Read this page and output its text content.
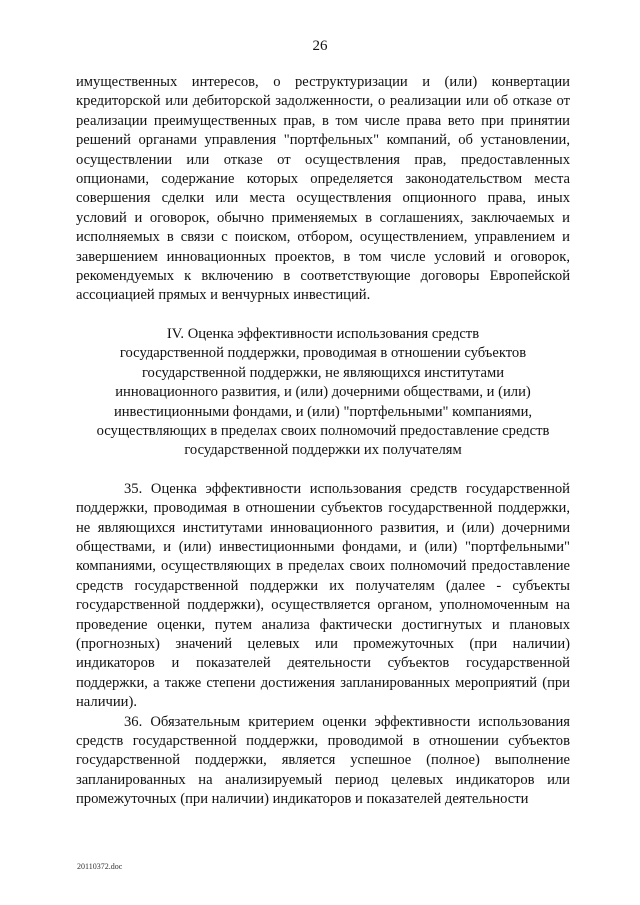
26

имущественных интересов, о реструктуризации и (или) конвертации кредиторской или дебиторской задолженности, о реализации или об отказе от реализации преимущественных прав, в том числе права вето при принятии решений органами управления "портфельных" компаний, об установлении, осуществлении или отказе от осуществления прав, предоставленных опционами, содержание которых определяется законодательством места совершения сделки или места осуществления опционного права, иных условий и оговорок, обычно применяемых в соглашениях, заключаемых и исполняемых в связи с поиском, отбором, осуществлением, управлением и завершением инновационных проектов, в том числе условий и оговорок, рекомендуемых к включению в соответствующие договоры Европейской ассоциацией прямых и венчурных инвестиций.

IV. Оценка эффективности использования средств
государственной поддержки, проводимая в отношении субъектов
государственной поддержки, не являющихся институтами
инновационного развития, и (или) дочерними обществами, и (или)
инвестиционными фондами, и (или) "портфельными" компаниями,
осуществляющих в пределах своих полномочий предоставление средств
государственной поддержки их получателям

35. Оценка эффективности использования средств государственной поддержки, проводимая в отношении субъектов государственной поддержки, не являющихся институтами инновационного развития, и (или) дочерними обществами, и (или) инвестиционными фондами, и (или) "портфельными" компаниями, осуществляющих в пределах своих полномочий предоставление средств государственной поддержки их получателям (далее - субъекты государственной поддержки), осуществляется органом, уполномоченным на проведение оценки, путем анализа фактически достигнутых и плановых (прогнозных) значений целевых или промежуточных (при наличии) индикаторов и показателей деятельности субъектов государственной поддержки, а также степени достижения запланированных мероприятий (при наличии).

36. Обязательным критерием оценки эффективности использования средств государственной поддержки, проводимой в отношении субъектов государственной поддержки, является успешное (полное) выполнение запланированных на анализируемый период целевых индикаторов или промежуточных (при наличии) индикаторов и показателей деятельности

20110372.doc
